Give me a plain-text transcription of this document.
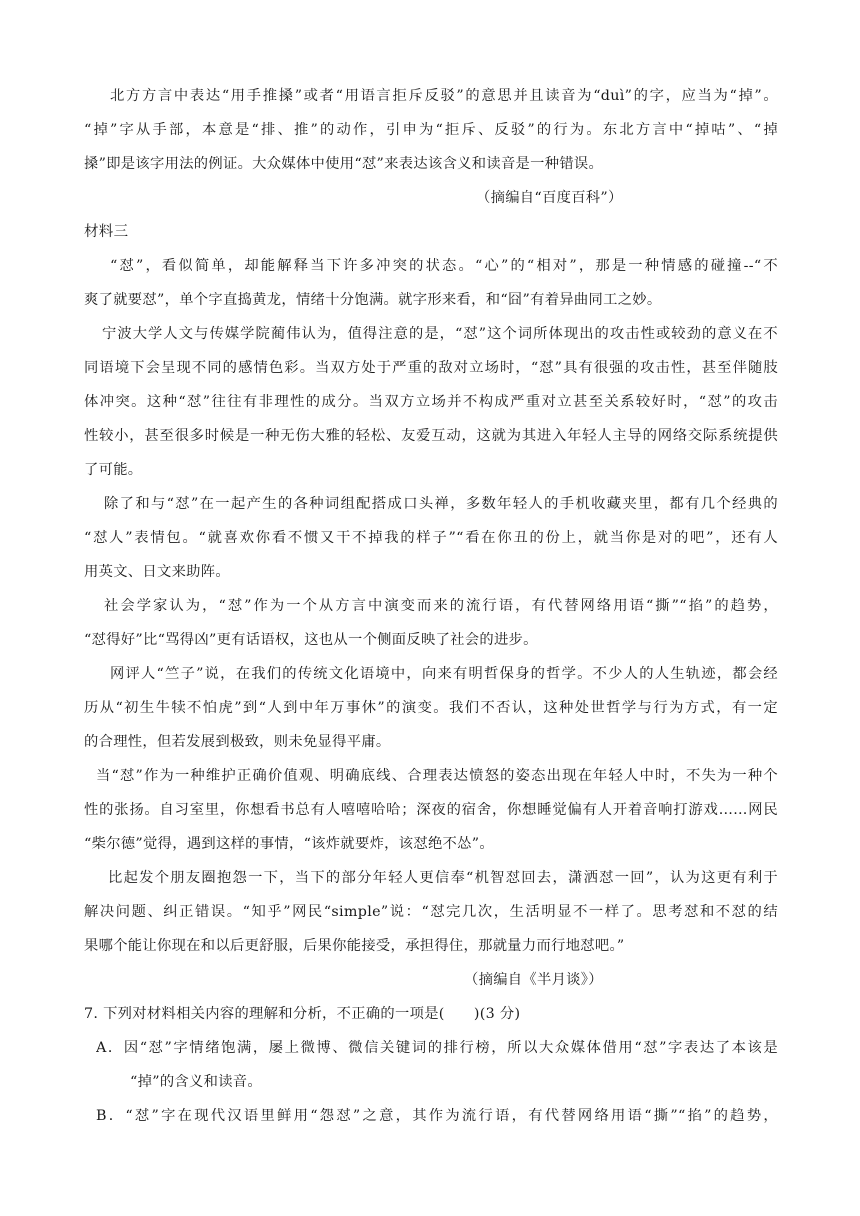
北方方言中表达“用手推搡”或者“用语言拒斥反驳”的意思并且读音为“duì”的字，应当为“掉”。
“掉”字从手部，本意是“排、推”的动作，引申为“拒斥、反驳”的行为。东北方言中“掉咕”、“掉
搡”即是该字用法的例证。大众媒体中使用“怼”来表达该含义和读音是一种错误。
（摘编自“百度百科”）
材料三
“怼”，看似简单，却能解释当下许多冲突的状态。“心”的“相对”，那是一种情感的碰撞--“不
爽了就要怼”，单个字直捣黄龙，情绪十分饱满。就字形来看，和“囧”有着异曲同工之妙。
宁波大学人文与传媒学院蔺伟认为，值得注意的是，“怼”这个词所体现出的攻击性或较劲的意义在不
同语境下会呈现不同的感情色彩。当双方处于严重的敌对立场时，“怼”具有很强的攻击性，甚至伴随肢
体冲突。这种“怼”往往有非理性的成分。当双方立场并不构成严重对立甚至关系较好时，“怼”的攻击
性较小，甚至很多时候是一种无伤大雅的轻松、友爱互动，这就为其进入年轻人主导的网络交际系统提供
了可能。
除了和与“怼”在一起产生的各种词组配搭成口头禅，多数年轻人的手机收藏夹里，都有几个经典的
“怼人”表情包。“就喜欢你看不惯又干不掉我的样子”“看在你丑的份上，就当你是对的吧”，还有人
用英文、日文来助阵。
社会学家认为，“怼”作为一个从方言中演变而来的流行语，有代替网络用语“撕”“掐”的趋势，
“怼得好”比“骂得凶”更有话语权，这也从一个侧面反映了社会的进步。
网评人“竺子”说，在我们的传统文化语境中，向来有明哲保身的哲学。不少人的人生轨迹，都会经
历从“初生牛犊不怕虎”到“人到中年万事休”的演变。我们不否认，这种处世哲学与行为方式，有一定
的合理性，但若发展到极致，则未免显得平庸。
当“怼”作为一种维护正确价值观、明确底线、合理表达愤怒的姿态出现在年轻人中时，不失为一种个
性的张扬。自习室里，你想看书总有人嘻嘻哈哈；深夜的宿舍，你想睡觉偏有人开着音响打游戏……网民
“柴尔德”觉得，遇到这样的事情，“该炸就要炸，该怼绝不怂”。
比起发个朋友圈抱怨一下，当下的部分年轻人更信奉“机智怼回去，潇洒怼一回”，认为这更有利于
解决问题、纠正错误。“知乎”网民“simple”说：“怼完几次，生活明显不一样了。思考怼和不怼的结
果哪个能让你现在和以后更舒服，后果你能接受，承担得住，那就量力而行地怼吧。”
（摘编自《半月谈》）
7. 下列对材料相关内容的理解和分析，不正确的一项是(　　)(3 分)
A．因“怼”字情绪饱满，屡上微博、微信关键词的排行榜，所以大众媒体借用“怼”字表达了本该是
“掉”的含义和读音。
B．“怼”字在现代汉语里鲜用“怨怼”之意，其作为流行语，有代替网络用语“撕”“掐”的趋势，
